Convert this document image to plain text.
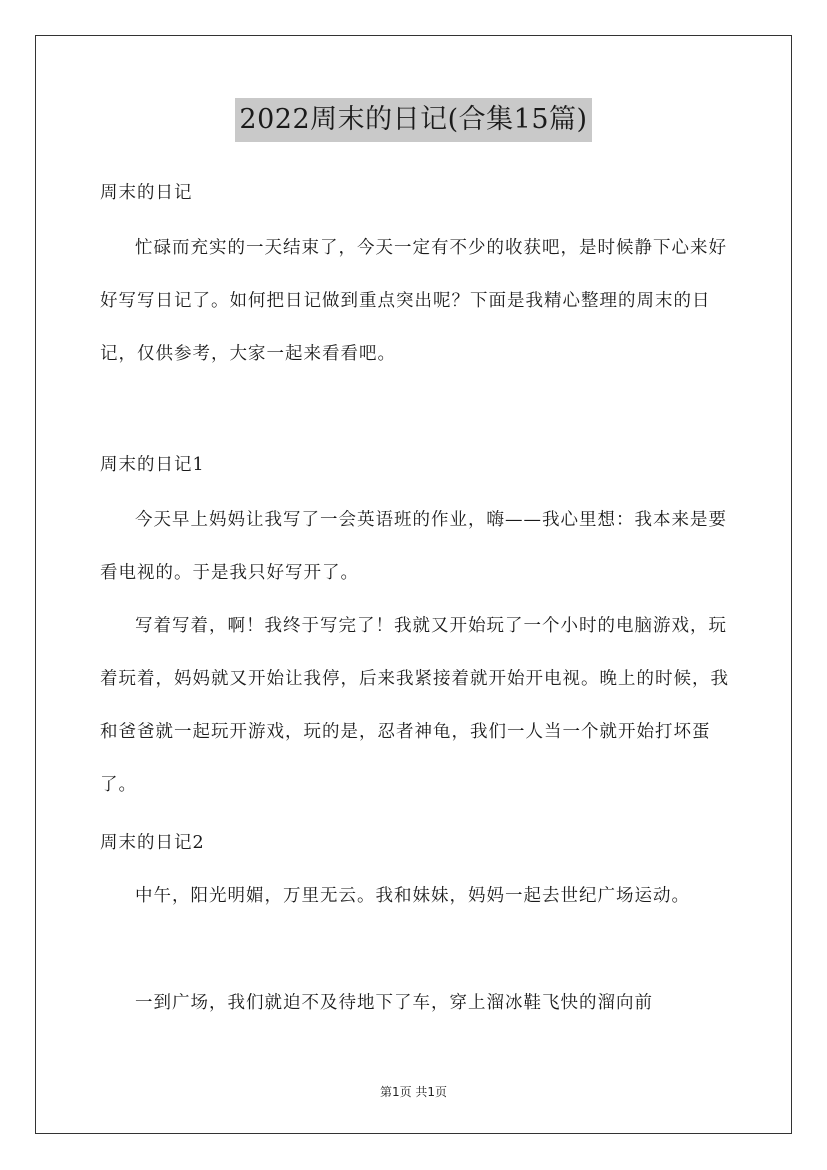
2022周末的日记(合集15篇)
周末的日记
忙碌而充实的一天结束了，今天一定有不少的收获吧，是时候静下心来好好写写日记了。如何把日记做到重点突出呢？下面是我精心整理的周末的日记，仅供参考，大家一起来看看吧。
周末的日记1
今天早上妈妈让我写了一会英语班的作业，嗨——我心里想：我本来是要看电视的。于是我只好写开了。
写着写着，啊！我终于写完了！我就又开始玩了一个小时的电脑游戏，玩着玩着，妈妈就又开始让我停，后来我紧接着就开始开电视。晚上的时候，我和爸爸就一起玩开游戏，玩的是，忍者神龟，我们一人当一个就开始打坏蛋了。
周末的日记2
中午，阳光明媚，万里无云。我和妹妹，妈妈一起去世纪广场运动。
一到广场，我们就迫不及待地下了车，穿上溜冰鞋飞快的溜向前
第1页 共1页
